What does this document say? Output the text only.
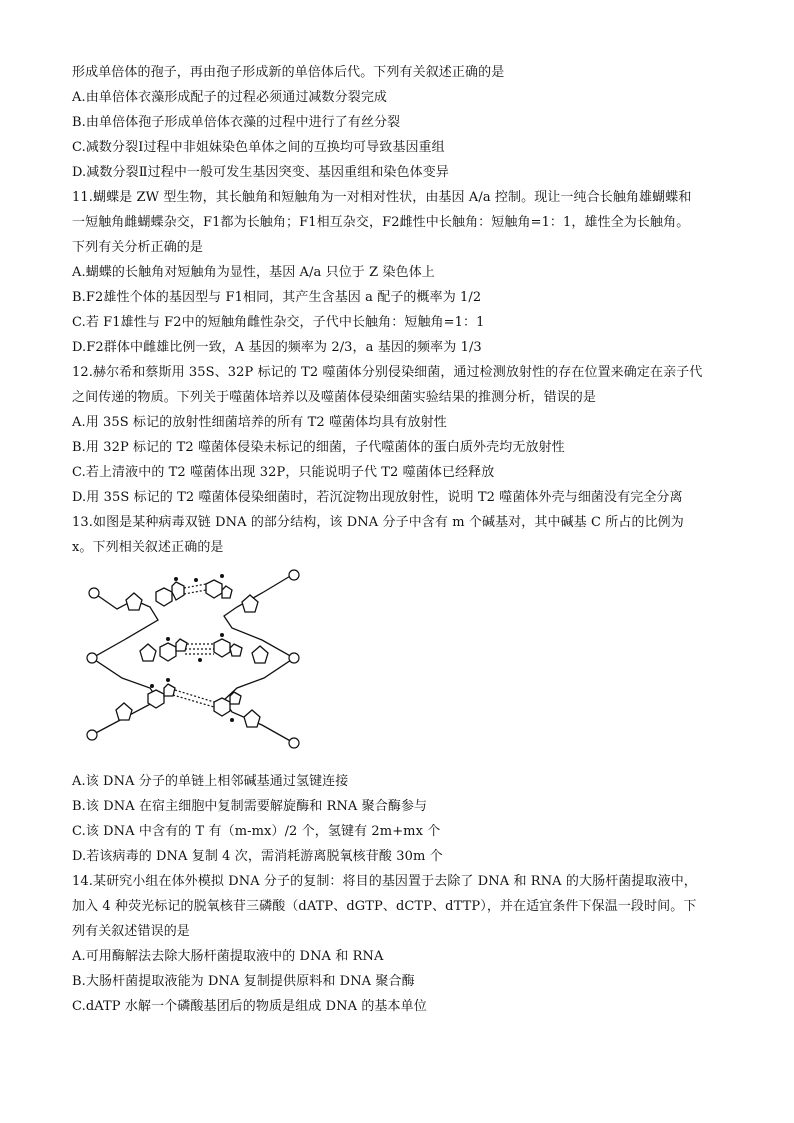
形成单倍体的孢子，再由孢子形成新的单倍体后代。下列有关叙述正确的是
A.由单倍体衣藻形成配子的过程必须通过减数分裂完成
B.由单倍体孢子形成单倍体衣藻的过程中进行了有丝分裂
C.减数分裂Ⅰ过程中非姐妹染色单体之间的互换均可导致基因重组
D.减数分裂Ⅱ过程中一般可发生基因突变、基因重组和染色体变异
11.蝴蝶是 ZW 型生物，其长触角和短触角为一对相对性状，由基因 A/a 控制。现让一纯合长触角雄蝴蝶和
一短触角雌蝴蝶杂交，F1都为长触角；F1相互杂交，F2雌性中长触角：短触角=1：1，雄性全为长触角。
下列有关分析正确的是
A.蝴蝶的长触角对短触角为显性，基因 A/a 只位于 Z 染色体上
B.F2雄性个体的基因型与 F1相同，其产生含基因 a 配子的概率为 1/2
C.若 F1雄性与 F2中的短触角雌性杂交，子代中长触角：短触角=1：1
D.F2群体中雌雄比例一致，A 基因的频率为 2/3，a 基因的频率为 1/3
12.赫尔希和蔡斯用 35S、32P 标记的 T2 噬菌体分别侵染细菌，通过检测放射性的存在位置来确定在亲子代
之间传递的物质。下列关于噬菌体培养以及噬菌体侵染细菌实验结果的推测分析，错误的是
A.用 35S 标记的放射性细菌培养的所有 T2 噬菌体均具有放射性
B.用 32P 标记的 T2 噬菌体侵染未标记的细菌，子代噬菌体的蛋白质外壳均无放射性
C.若上清液中的 T2 噬菌体出现 32P，只能说明子代 T2 噬菌体已经释放
D.用 35S 标记的 T2 噬菌体侵染细菌时，若沉淀物出现放射性，说明 T2 噬菌体外壳与细菌没有完全分离
13.如图是某种病毒双链 DNA 的部分结构，该 DNA 分子中含有 m 个碱基对，其中碱基 C 所占的比例为
x。下列相关叙述正确的是
A.该 DNA 分子的单链上相邻碱基通过氢键连接
B.该 DNA 在宿主细胞中复制需要解旋酶和 RNA 聚合酶参与
C.该 DNA 中含有的 T 有（m-mx）/2 个，氢键有 2m+mx 个
D.若该病毒的 DNA 复制 4 次，需消耗游离脱氧核苷酸 30m 个
14.某研究小组在体外模拟 DNA 分子的复制：将目的基因置于去除了 DNA 和 RNA 的大肠杆菌提取液中，
加入 4 种荧光标记的脱氧核苷三磷酸（dATP、dGTP、dCTP、dTTP），并在适宜条件下保温一段时间。下
列有关叙述错误的是
A.可用酶解法去除大肠杆菌提取液中的 DNA 和 RNA
B.大肠杆菌提取液能为 DNA 复制提供原料和 DNA 聚合酶
C.dATP 水解一个磷酸基团后的物质是组成 DNA 的基本单位
